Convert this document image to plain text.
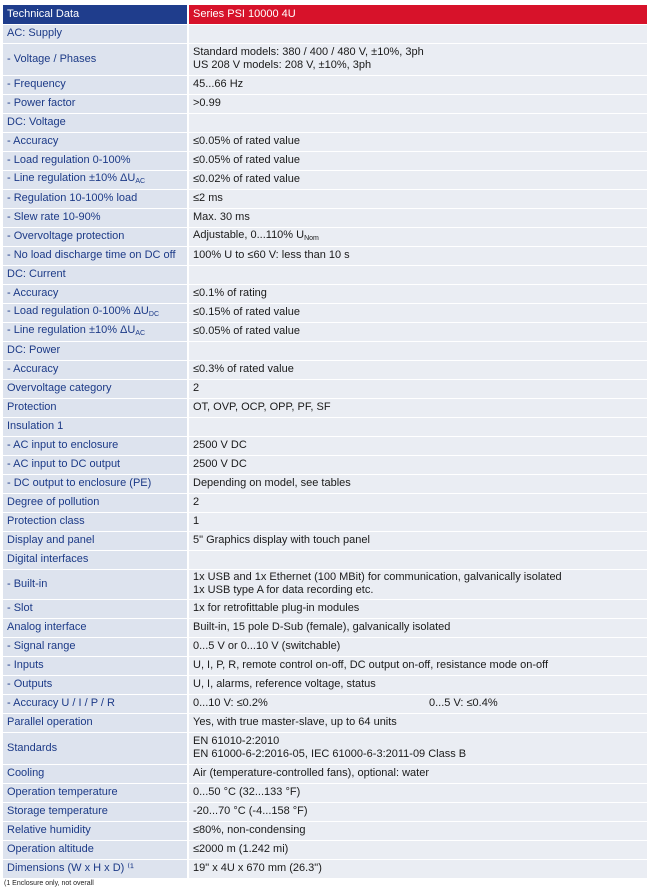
Technical Data	Series PSI 10000 4U
AC: Supply	

- Voltage / Phases	Standard models: 380 / 400 / 480 V, ±10%, 3ph
US 208 V models: 208 V, ±10%, 3ph

- Frequency	45...66 Hz

- Power factor	>0.99

DC: Voltage	

- Accuracy	≤0.05% of rated value

- Load regulation 0-100%	≤0.05% of rated value

- Line regulation ±10% $\Delta U_{AC}$	≤0.02% of rated value

- Regulation 10-100% load	≤2 ms

- Slew rate 10-90%	Max. 30 ms

- Overvoltage protection	Adjustable, 0...110% $U_{Nom}$
- No load discharge time on DC off	100% U to ≤60 V: less than 10 s

DC: Current	

- Accuracy	≤0.1% of rating

- Load regulation 0-100% $\Delta U_{DC}$	≤0.15% of rated value

- Line regulation ±10% $\Delta U_{AC}$	≤0.05% of rated value

DC: Power	

- Accuracy	≤0.3% of rated value

Overvoltage category	2

Protection	OT, OVP, OCP, OPP, PF, SF

Insulation 1	

- AC input to enclosure	2500 V DC

- AC input to DC output	2500 V DC

- DC output to enclosure (PE)	Depending on model, see tables

Degree of pollution	2

Protection class	1

Display and panel	5" Graphics display with touch panel

Digital interfaces	

- Built-in	1x USB and 1x Ethernet (100 MBit) for communication, galvanically isolated
1x USB type A for data recording etc.

- Slot	1x for retrofittable plug-in modules

Analog interface	Built-in, 15 pole D-Sub (female), galvanically isolated

- Signal range	0...5 V or 0...10 V (switchable)

- Inputs	U, I, P, R, remote control on-off, DC output on-off, resistance mode on-off

- Outputs	U, I, alarms, reference voltage, status

- Accuracy U / I / P / R	0...10 V: ≤0.2% 0...5 V: ≤0.4%

Parallel operation	Yes, with true master-slave, up to 64 units

Standards	EN 61010-2:2010
EN 61000-6-2:2016-05, IEC 61000-6-3:2011-09 Class B

Cooling	Air (temperature-controlled fans), optional: water

Operation temperature	0...50 °C (32...133 °F)

Storage temperature	-20...70 °C (-4...158 °F)

Relative humidity	≤80%, non-condensing

Operation altitude	≤2000 m (1.242 mi)

Dimensions (W x H x D) ⁽¹	19" x 4U x 670 mm (26.3")
(1 Enclosure only, not overall
